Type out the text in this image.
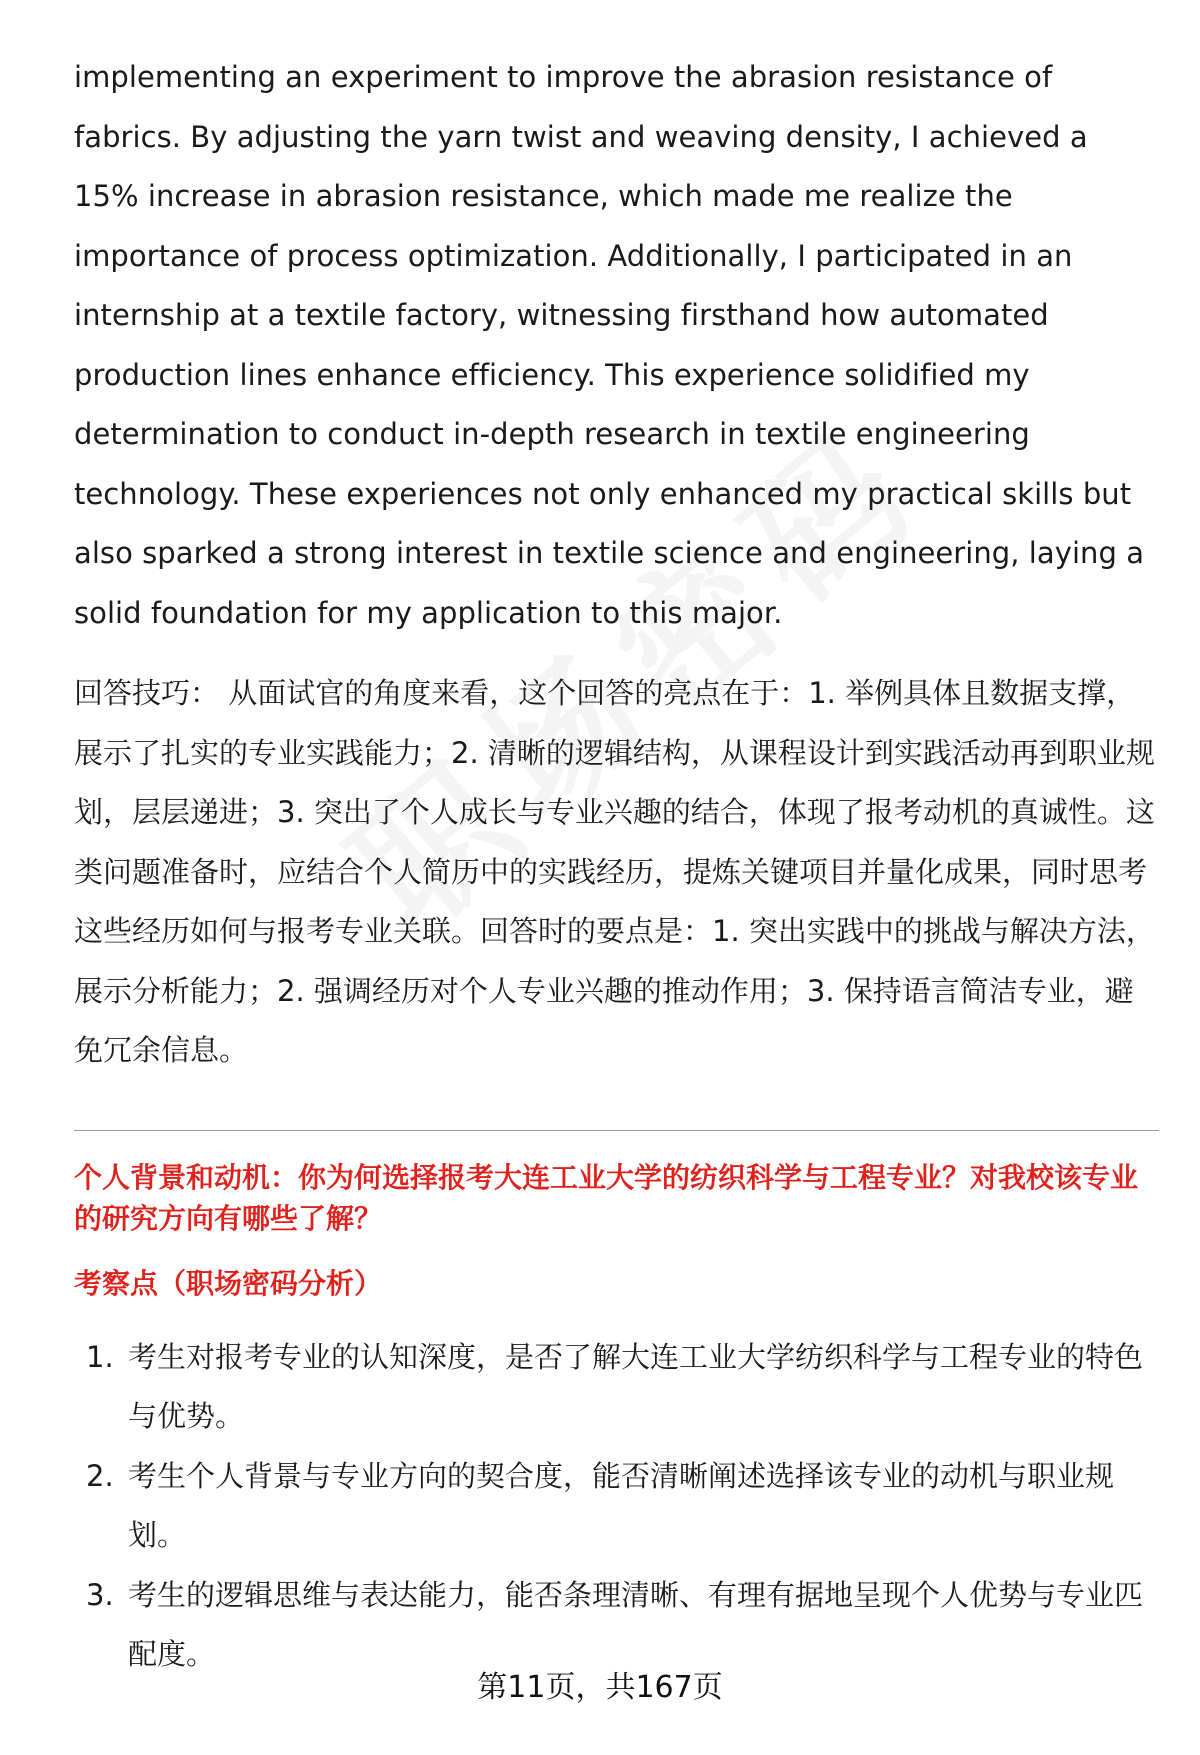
implementing an experiment to improve the abrasion resistance of fabrics. By adjusting the yarn twist and weaving density, I achieved a 15% increase in abrasion resistance, which made me realize the importance of process optimization. Additionally, I participated in an internship at a textile factory, witnessing firsthand how automated production lines enhance efficiency. This experience solidified my determination to conduct in-depth research in textile engineering technology. These experiences not only enhanced my practical skills but also sparked a strong interest in textile science and engineering, laying a solid foundation for my application to this major.

回答技巧： 从面试官的角度来看，这个回答的亮点在于：1. 举例具体且数据支撑，展示了扎实的专业实践能力；2. 清晰的逻辑结构，从课程设计到实践活动再到职业规划，层层递进；3. 突出了个人成长与专业兴趣的结合，体现了报考动机的真诚性。这类问题准备时，应结合个人简历中的实践经历，提炼关键项目并量化成果，同时思考这些经历如何与报考专业关联。回答时的要点是：1. 突出实践中的挑战与解决方法，展示分析能力；2. 强调经历对个人专业兴趣的推动作用；3. 保持语言简洁专业，避免冗余信息。

个人背景和动机：你为何选择报考大连工业大学的纺织科学与工程专业？对我校该专业的研究方向有哪些了解？
考察点（职场密码分析）
1. 考生对报考专业的认知深度，是否了解大连工业大学纺织科学与工程专业的特色与优势。
2. 考生个人背景与专业方向的契合度，能否清晰阐述选择该专业的动机与职业规划。
3. 考生的逻辑思维与表达能力，能否条理清晰、有理有据地呈现个人优势与专业匹配度。
第11页，共167页
